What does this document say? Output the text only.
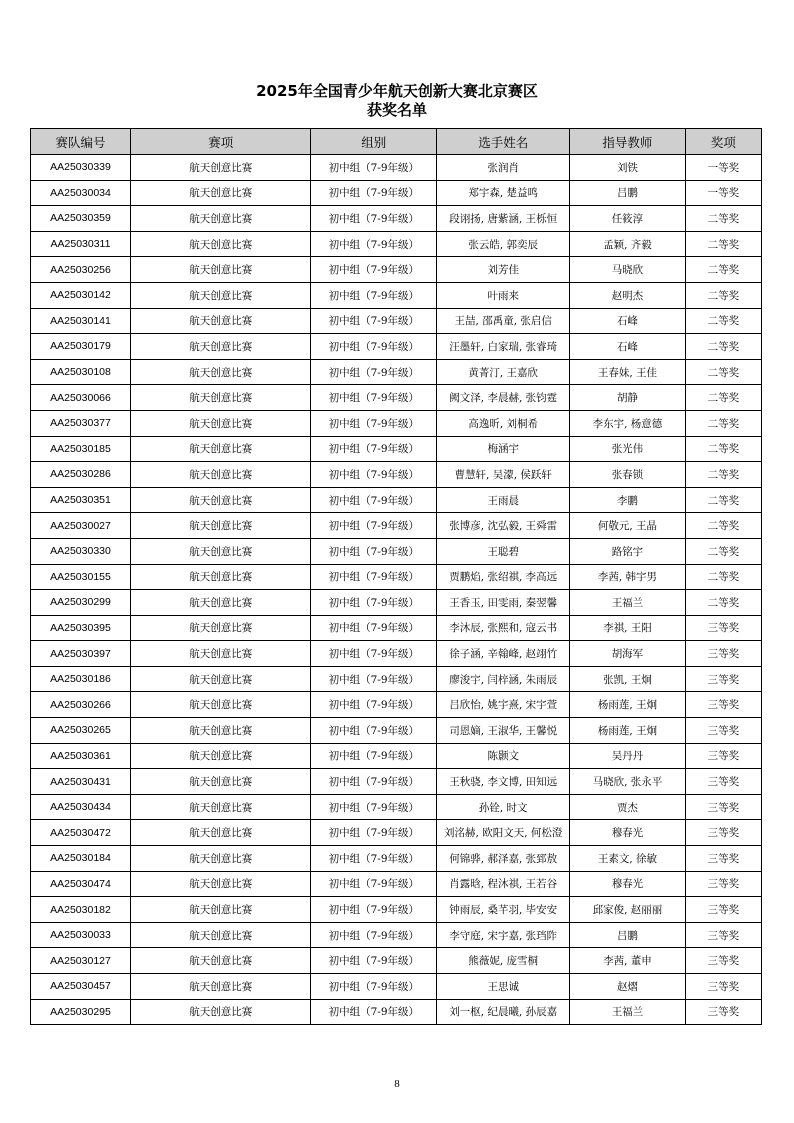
2025年全国青少年航天创新大赛北京赛区
获奖名单
赛队编号	赛项	组别	选手姓名	指导教师	奖项
AA25030339	航天创意比赛	初中组（7-9年级）	张润肖	刘铁	一等奖
AA25030034	航天创意比赛	初中组（7-9年级）	郑宇森, 楚益鸣	吕鹏	一等奖
AA25030359	航天创意比赛	初中组（7-9年级）	段诩扬, 唐紫涵, 王栎恒	任筱淳	二等奖
AA25030311	航天创意比赛	初中组（7-9年级）	张云皓, 郭奕辰	孟颖, 齐毅	二等奖
AA25030256	航天创意比赛	初中组（7-9年级）	刘芳佳	马晓欣	二等奖
AA25030142	航天创意比赛	初中组（7-9年级）	叶雨来	赵明杰	二等奖
AA25030141	航天创意比赛	初中组（7-9年级）	王喆, 邵禹童, 张启信	石峰	二等奖
AA25030179	航天创意比赛	初中组（7-9年级）	汪墨轩, 白家瑞, 张睿琦	石峰	二等奖
AA25030108	航天创意比赛	初中组（7-9年级）	黄菁汀, 王嘉欣	王春妹, 王佳	二等奖
AA25030066	航天创意比赛	初中组（7-9年级）	阙文泽, 李晨赫, 张钧霆	胡静	二等奖
AA25030377	航天创意比赛	初中组（7-9年级）	高逸昕, 刘桐希	李东宇, 杨意德	二等奖
AA25030185	航天创意比赛	初中组（7-9年级）	梅涵宇	张光伟	二等奖
AA25030286	航天创意比赛	初中组（7-9年级）	曹慧轩, 吴濛, 侯跃轩	张春锁	二等奖
AA25030351	航天创意比赛	初中组（7-9年级）	王雨晨	李鹏	二等奖
AA25030027	航天创意比赛	初中组（7-9年级）	张博彦, 沈弘毅, 王舜雷	何敬元, 王晶	二等奖
AA25030330	航天创意比赛	初中组（7-9年级）	王聪碧	路铭宇	二等奖
AA25030155	航天创意比赛	初中组（7-9年级）	贾鹏焰, 张绍祺, 李高远	李茜, 韩宇男	二等奖
AA25030299	航天创意比赛	初中组（7-9年级）	王香玉, 田雯雨, 秦翌馨	王福兰	二等奖
AA25030395	航天创意比赛	初中组（7-9年级）	李沐辰, 张熙和, 寇云书	李祺, 王阳	三等奖
AA25030397	航天创意比赛	初中组（7-9年级）	徐子涵, 辛翰峰, 赵翊竹	胡海军	三等奖
AA25030186	航天创意比赛	初中组（7-9年级）	廖浚宇, 闫梓涵, 朱雨辰	张凯, 王炯	三等奖
AA25030266	航天创意比赛	初中组（7-9年级）	吕欣怡, 姚宇熹, 宋宇萱	杨雨莲, 王炯	三等奖
AA25030265	航天创意比赛	初中组（7-9年级）	司恩嫡, 王淑华, 王馨悦	杨雨莲, 王炯	三等奖
AA25030361	航天创意比赛	初中组（7-9年级）	陈颢文	吴丹丹	三等奖
AA25030431	航天创意比赛	初中组（7-9年级）	王秋骁, 李文博, 田知远	马晓欣, 张永平	三等奖
AA25030434	航天创意比赛	初中组（7-9年级）	孙铨, 时文	贾杰	三等奖
AA25030472	航天创意比赛	初中组（7-9年级）	刘洺赫, 欧阳文天, 何松澄	穆春光	三等奖
AA25030184	航天创意比赛	初中组（7-9年级）	何锦骅, 郝泽嘉, 张郅敖	王素文, 徐敏	三等奖
AA25030474	航天创意比赛	初中组（7-9年级）	肖露晗, 程沐祺, 王若谷	穆春光	三等奖
AA25030182	航天创意比赛	初中组（7-9年级）	钟雨辰, 桑芊羽, 毕安安	邱家俊, 赵丽丽	三等奖
AA25030033	航天创意比赛	初中组（7-9年级）	李守庭, 宋宇嘉, 张珰阼	吕鹏	三等奖
AA25030127	航天创意比赛	初中组（7-9年级）	熊薇妮, 庞雪桐	李茜, 董申	三等奖
AA25030457	航天创意比赛	初中组（7-9年级）	王思诚	赵熠	三等奖
AA25030295	航天创意比赛	初中组（7-9年级）	刘一枢, 纪晨曦, 孙辰嘉	王福兰	三等奖
8
